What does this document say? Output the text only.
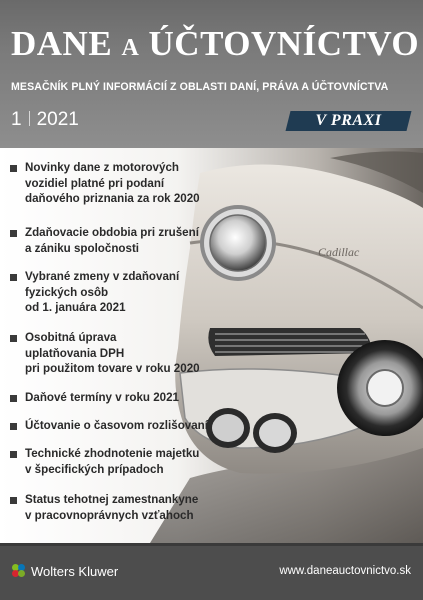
DANE A ÚČTOVNÍCTVO
MESAČNÍK PLNÝ INFORMÁCIÍ Z OBLASTI DANÍ, PRÁVA A ÚČTOVNÍCTVA
1 2021	V PRAXI
Cadillac
Novinky dane z motorových
vozidiel platné pri podaní
daňového priznania za rok 2020
Zdaňovacie obdobia pri zrušení
a zániku spoločnosti
Vybrané zmeny v zdaňovaní
fyzických osôb
od 1. januára 2021
Osobitná úprava
uplatňovania DPH
pri použitom tovare v roku 2020
Daňové termíny v roku 2021
Účtovanie o časovom rozlišovaní
Technické zhodnotenie majetku
v špecifických prípadoch
Status tehotnej zamestnankyne
v pracovnoprávnych vzťahoch
Wolters Kluwer	www.daneauctovnictvo.sk
